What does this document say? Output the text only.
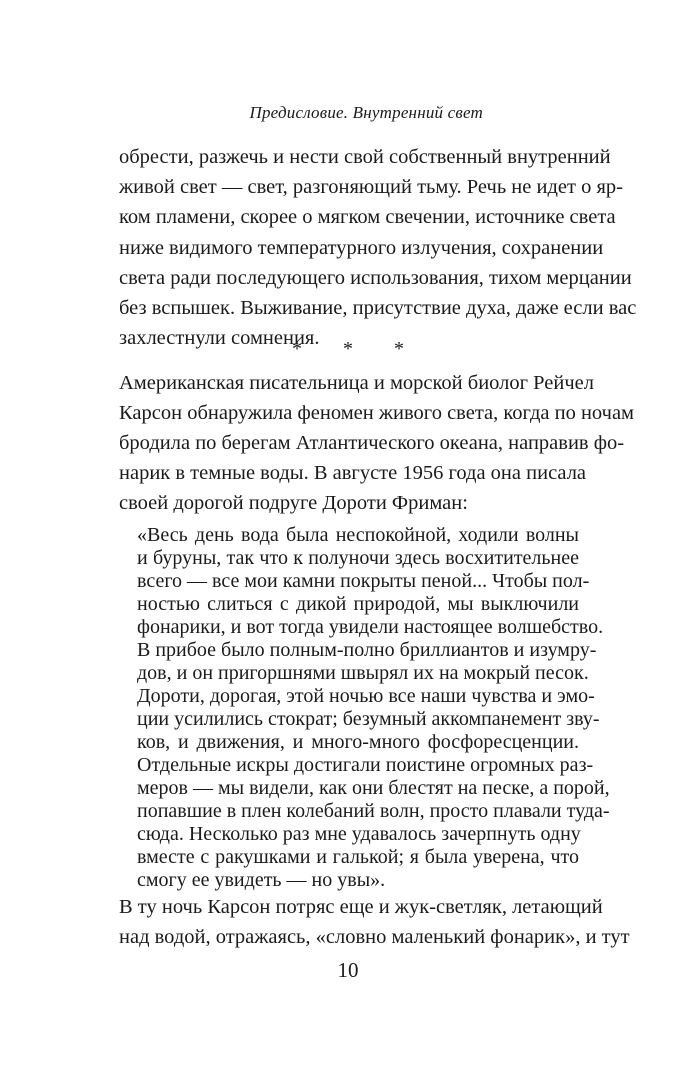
Предисловие. Внутренний свет
обрести, разжечь и нести свой собственный внутренний
живой свет — свет, разгоняющий тьму. Речь не идет о яр-
ком пламени, скорее о мягком свечении, источнике света
ниже видимого температурного излучения, сохранении
света ради последующего использования, тихом мерцании
без вспышек. Выживание, присутствие духа, даже если вас
захлестнули сомнения.
* * *
Американская писательница и морской биолог Рейчел
Карсон обнаружила феномен живого света, когда по ночам
бродила по берегам Атлантического океана, направив фо-
нарик в темные воды. В августе 1956 года она писала
своей дорогой подруге Дороти Фриман:
«Весь день вода была неспокойной, ходили волны
и буруны, так что к полуночи здесь восхитительнее
всего — все мои камни покрыты пеной... Чтобы пол-
ностью слиться с дикой природой, мы выключили
фонарики, и вот тогда увидели настоящее волшебство.
В прибое было полным-полно бриллиантов и изумру-
дов, и он пригоршнями швырял их на мокрый песок.
Дороти, дорогая, этой ночью все наши чувства и эмо-
ции усилились стократ; безумный аккомпанемент зву-
ков, и движения, и много-много фосфоресценции.
Отдельные искры достигали поистине огромных раз-
меров — мы видели, как они блестят на песке, а порой,
попавшие в плен колебаний волн, просто плавали туда-
сюда. Несколько раз мне удавалось зачерпнуть одну
вместе с ракушками и галькой; я была уверена, что
смогу ее увидеть — но увы».
В ту ночь Карсон потряс еще и жук-светляк, летающий
над водой, отражаясь, «словно маленький фонарик», и тут
10
